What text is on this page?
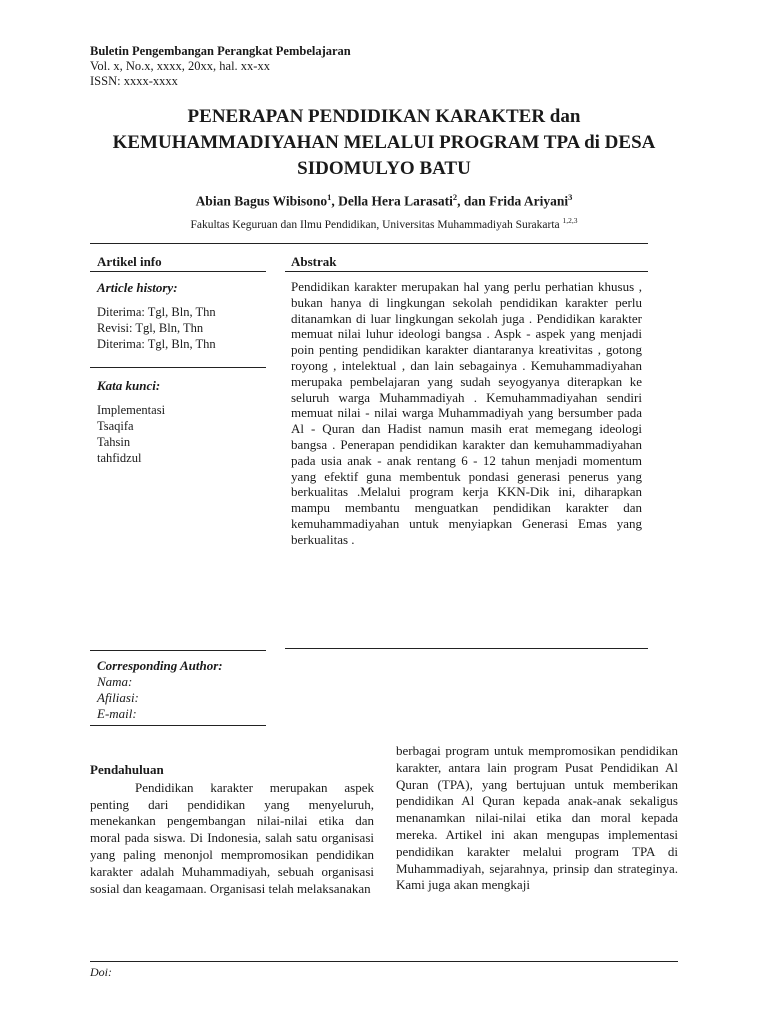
Buletin Pengembangan Perangkat Pembelajaran
Vol. x, No.x, xxxx, 20xx, hal. xx-xx
ISSN: xxxx-xxxx
PENERAPAN PENDIDIKAN KARAKTER dan
KEMUHAMMADIYAHAN MELALUI PROGRAM TPA di DESA
SIDOMULYO BATU
Abian Bagus Wibisono$^1$, Della Hera Larasati$^2$, dan Frida Ariyani$^3$
Fakultas Keguruan dan Ilmu Pendidikan, Universitas Muhammadiyah Surakarta $^{1,2,3}$
Artikel info
Article history:
Diterima: Tgl, Bln, Thn
Revisi: Tgl, Bln, Thn
Diterima: Tgl, Bln, Thn
Kata kunci:
Implementasi
Tsaqifa
Tahsin
tahfidzul
Abstrak
Pendidikan karakter merupakan hal yang perlu perhatian khusus , bukan hanya di lingkungan sekolah pendidikan karakter perlu ditanamkan di luar lingkungan sekolah juga . Pendidikan karakter memuat nilai luhur ideologi bangsa . Aspk - aspek yang menjadi poin penting pendidikan karakter diantaranya kreativitas , gotong royong , intelektual , dan lain sebagainya . Kemuhammadiyahan merupaka pembelajaran yang sudah seyogyanya diterapkan ke seluruh warga Muhammadiyah . Kemuhammadiyahan sendiri memuat nilai - nilai warga Muhammadiyah yang bersumber pada Al - Quran dan Hadist namun masih erat memegang ideologi bangsa . Penerapan pendidikan karakter dan kemuhammadiyahan pada usia anak - anak rentang 6 - 12 tahun menjadi momentum yang efektif guna membentuk pondasi generasi penerus yang berkualitas .Melalui program kerja KKN-Dik ini, diharapkan mampu membantu menguatkan pendidikan karakter dan kemuhammadiyahan untuk menyiapkan Generasi Emas yang berkualitas .
Corresponding Author:
Nama:
Afiliasi:
E-mail:
Pendahuluan
Pendidikan karakter merupakan aspek penting dari pendidikan yang menyeluruh, menekankan pengembangan nilai-nilai etika dan moral pada siswa. Di Indonesia, salah satu organisasi yang paling menonjol mempromosikan pendidikan karakter adalah Muhammadiyah, sebuah organisasi sosial dan keagamaan. Organisasi telah melaksanakan
berbagai program untuk mempromosikan pendidikan karakter, antara lain program Pusat Pendidikan Al Quran (TPA), yang bertujuan untuk memberikan pendidikan Al Quran kepada anak-anak sekaligus menanamkan nilai-nilai etika dan moral kepada mereka. Artikel ini akan mengupas implementasi pendidikan karakter melalui program TPA di Muhammadiyah, sejarahnya, prinsip dan strateginya. Kami juga akan mengkaji
Doi:
